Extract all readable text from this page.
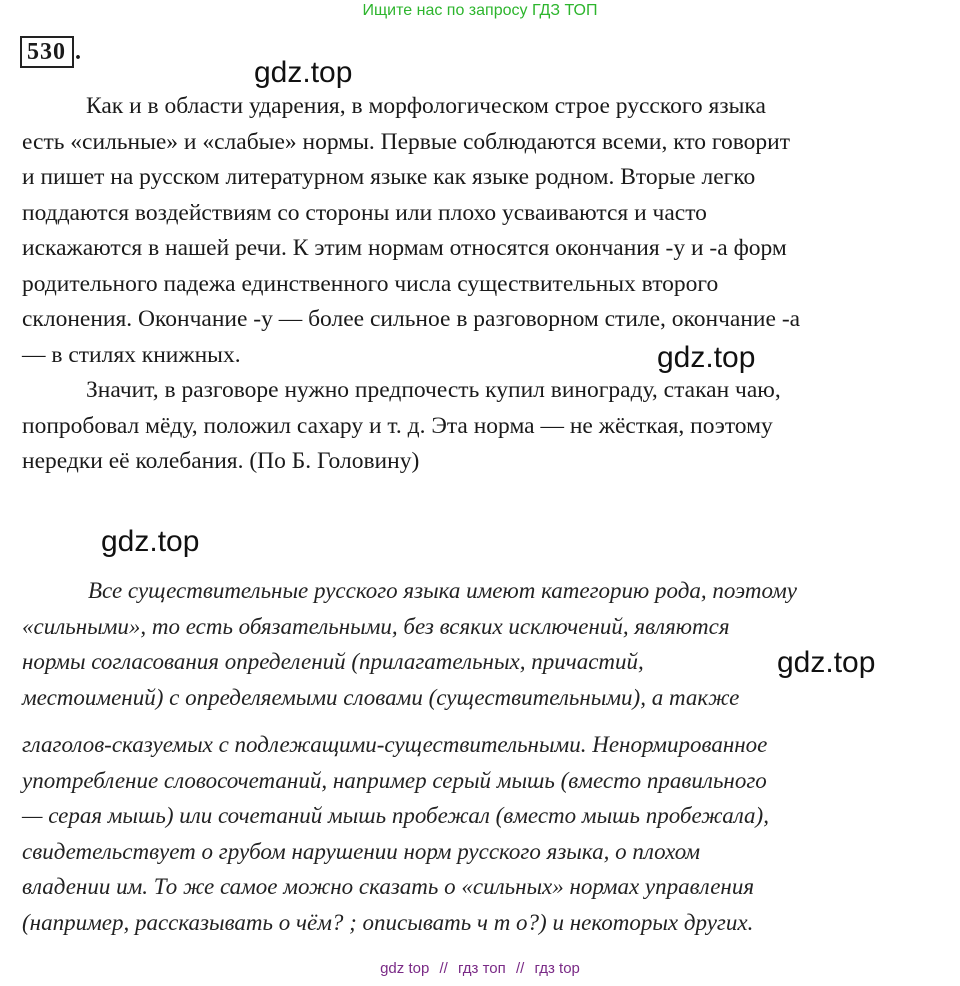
Ищите нас по запросу ГДЗ ТОП
530 .
gdz.top

Как и в области ударения, в морфологическом строе русского языка
есть «сильные» и «слабые» нормы. Первые соблюдаются всеми, кто говорит
и пишет на русском литературном языке как языке родном. Вторые легко
поддаются воздействиям со стороны или плохо усваиваются и часто
искажаются в нашей речи. К этим нормам относятся окончания -у и -а форм
родительного падежа единственного числа существительных второго
склонения. Окончание -у — более сильное в разговорном стиле, окончание -а
— в стилях книжных.

Значит, в разговоре нужно предпочесть купил винограду, стакан чаю,
попробовал мёду, положил сахару и т. д. Эта норма — не жёсткая, поэтому
нередки её колебания. (По Б. Головину)

gdz.top
gdz.top
Все существительные русского языка имеют категорию рода, поэтому
«сильными», то есть обязательными, без всяких исключений, являются
нормы согласования определений (прилагательных, причастий,
местоимений) с определяемыми словами (существительными), а также
gdz.top
глаголов-сказуемых с подлежащими-существительными. Ненормированное
употребление словосочетаний, например серый мышь (вместо правильного
— серая мышь) или сочетаний мышь пробежал (вместо мышь пробежала),
свидетельствует о грубом нарушении норм русского языка, о плохом
владении им. То же самое можно сказать о «сильных» нормах управления
(например, рассказывать о чём? ; описывать ч т о?) и некоторых других.
gdz top // гдз топ // гдз top
